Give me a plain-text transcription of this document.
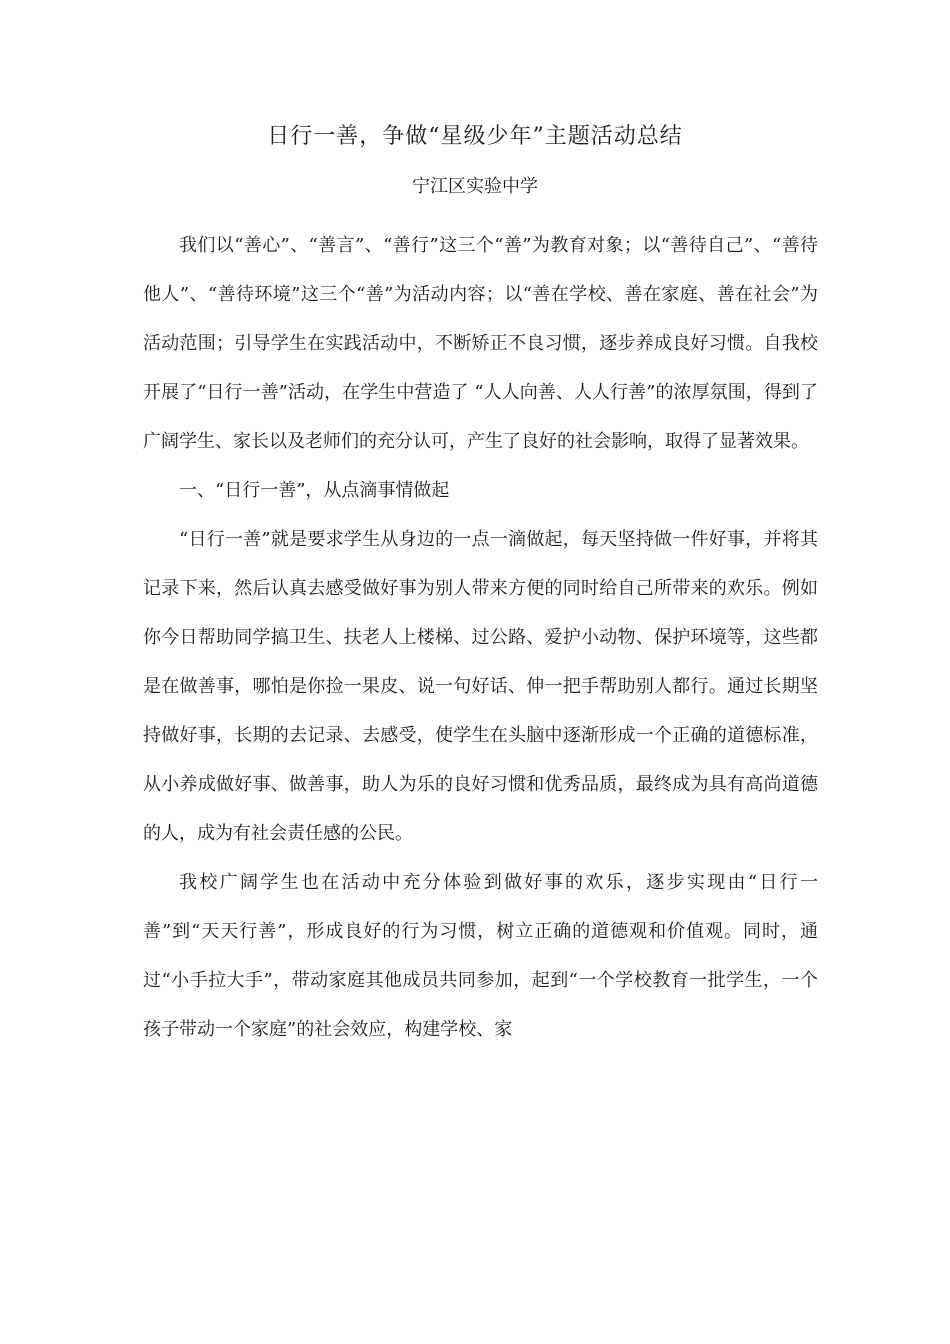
日行一善，争做“星级少年”主题活动总结
宁江区实验中学

我们以“善心”、“善言”、“善行”这三个“善”为教育对象；以“善待自己”、“善待他人”、“善待环境”这三个“善”为活动内容；以“善在学校、善在家庭、善在社会”为活动范围；引导学生在实践活动中，不断矫正不良习惯，逐步养成良好习惯。自我校开展了“日行一善”活动，在学生中营造了 “人人向善、人人行善”的浓厚氛围，得到了广阔学生、家长以及老师们的充分认可，产生了良好的社会影响，取得了显著效果。

一、“日行一善”，从点滴事情做起

“日行一善”就是要求学生从身边的一点一滴做起，每天坚持做一件好事，并将其记录下来，然后认真去感受做好事为别人带来方便的同时给自己所带来的欢乐。例如你今日帮助同学搞卫生、扶老人上楼梯、过公路、爱护小动物、保护环境等，这些都是在做善事，哪怕是你捡一果皮、说一句好话、伸一把手帮助别人都行。通过长期坚持做好事，长期的去记录、去感受，使学生在头脑中逐渐形成一个正确的道德标准，从小养成做好事、做善事，助人为乐的良好习惯和优秀品质，最终成为具有高尚道德的人，成为有社会责任感的公民。

我校广阔学生也在活动中充分体验到做好事的欢乐，逐步实现由“日行一善”到“天天行善”，形成良好的行为习惯，树立正确的道德观和价值观。同时，通过“小手拉大手”，带动家庭其他成员共同参加，起到“一个学校教育一批学生，一个孩子带动一个家庭”的社会效应，构建学校、家
